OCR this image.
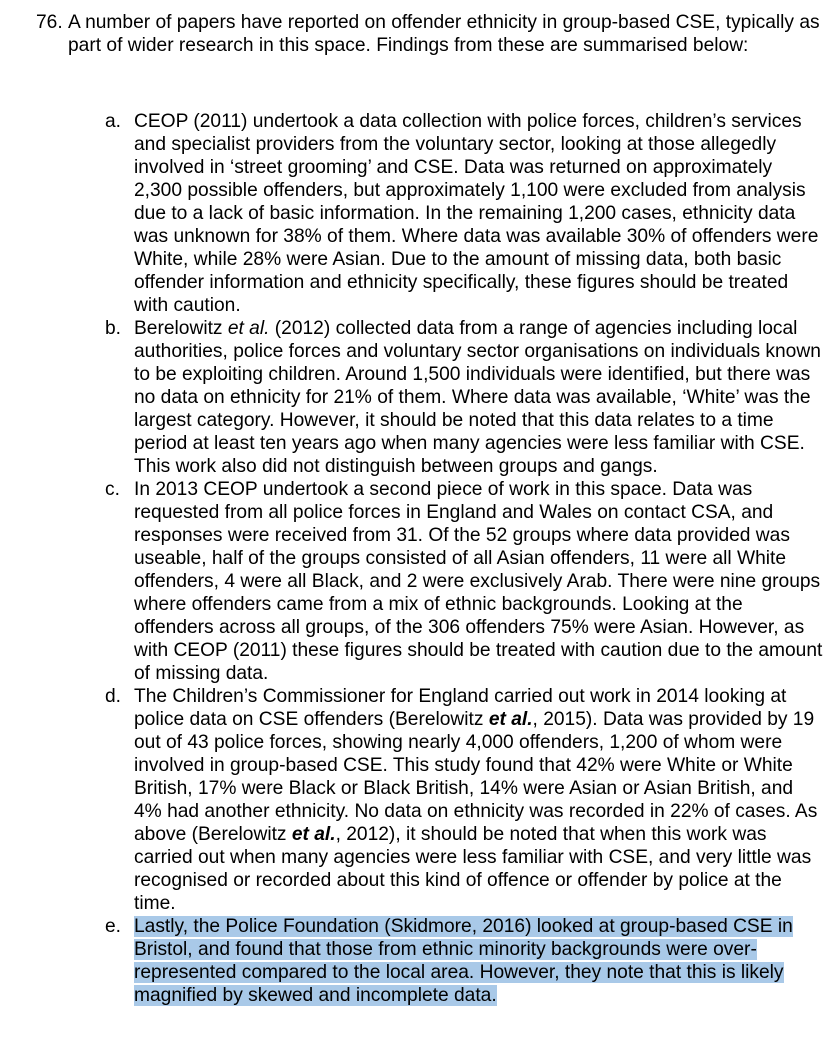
76. A number of papers have reported on offender ethnicity in group-based CSE, typically as part of wider research in this space. Findings from these are summarised below:
a. CEOP (2011) undertook a data collection with police forces, children’s services and specialist providers from the voluntary sector, looking at those allegedly involved in ‘street grooming’ and CSE. Data was returned on approximately 2,300 possible offenders, but approximately 1,100 were excluded from analysis due to a lack of basic information. In the remaining 1,200 cases, ethnicity data was unknown for 38% of them. Where data was available 30% of offenders were White, while 28% were Asian. Due to the amount of missing data, both basic offender information and ethnicity specifically, these figures should be treated with caution.
b. Berelowitz et al. (2012) collected data from a range of agencies including local authorities, police forces and voluntary sector organisations on individuals known to be exploiting children. Around 1,500 individuals were identified, but there was no data on ethnicity for 21% of them. Where data was available, ‘White’ was the largest category. However, it should be noted that this data relates to a time period at least ten years ago when many agencies were less familiar with CSE. This work also did not distinguish between groups and gangs.
c. In 2013 CEOP undertook a second piece of work in this space. Data was requested from all police forces in England and Wales on contact CSA, and responses were received from 31. Of the 52 groups where data provided was useable, half of the groups consisted of all Asian offenders, 11 were all White offenders, 4 were all Black, and 2 were exclusively Arab. There were nine groups where offenders came from a mix of ethnic backgrounds. Looking at the offenders across all groups, of the 306 offenders 75% were Asian. However, as with CEOP (2011) these figures should be treated with caution due to the amount of missing data.
d. The Children’s Commissioner for England carried out work in 2014 looking at police data on CSE offenders (Berelowitz et al., 2015). Data was provided by 19 out of 43 police forces, showing nearly 4,000 offenders, 1,200 of whom were involved in group-based CSE. This study found that 42% were White or White British, 17% were Black or Black British, 14% were Asian or Asian British, and 4% had another ethnicity. No data on ethnicity was recorded in 22% of cases. As above (Berelowitz et al., 2012), it should be noted that when this work was carried out when many agencies were less familiar with CSE, and very little was recognised or recorded about this kind of offence or offender by police at the time.
e. Lastly, the Police Foundation (Skidmore, 2016) looked at group-based CSE in Bristol, and found that those from ethnic minority backgrounds were over-represented compared to the local area. However, they note that this is likely magnified by skewed and incomplete data.
